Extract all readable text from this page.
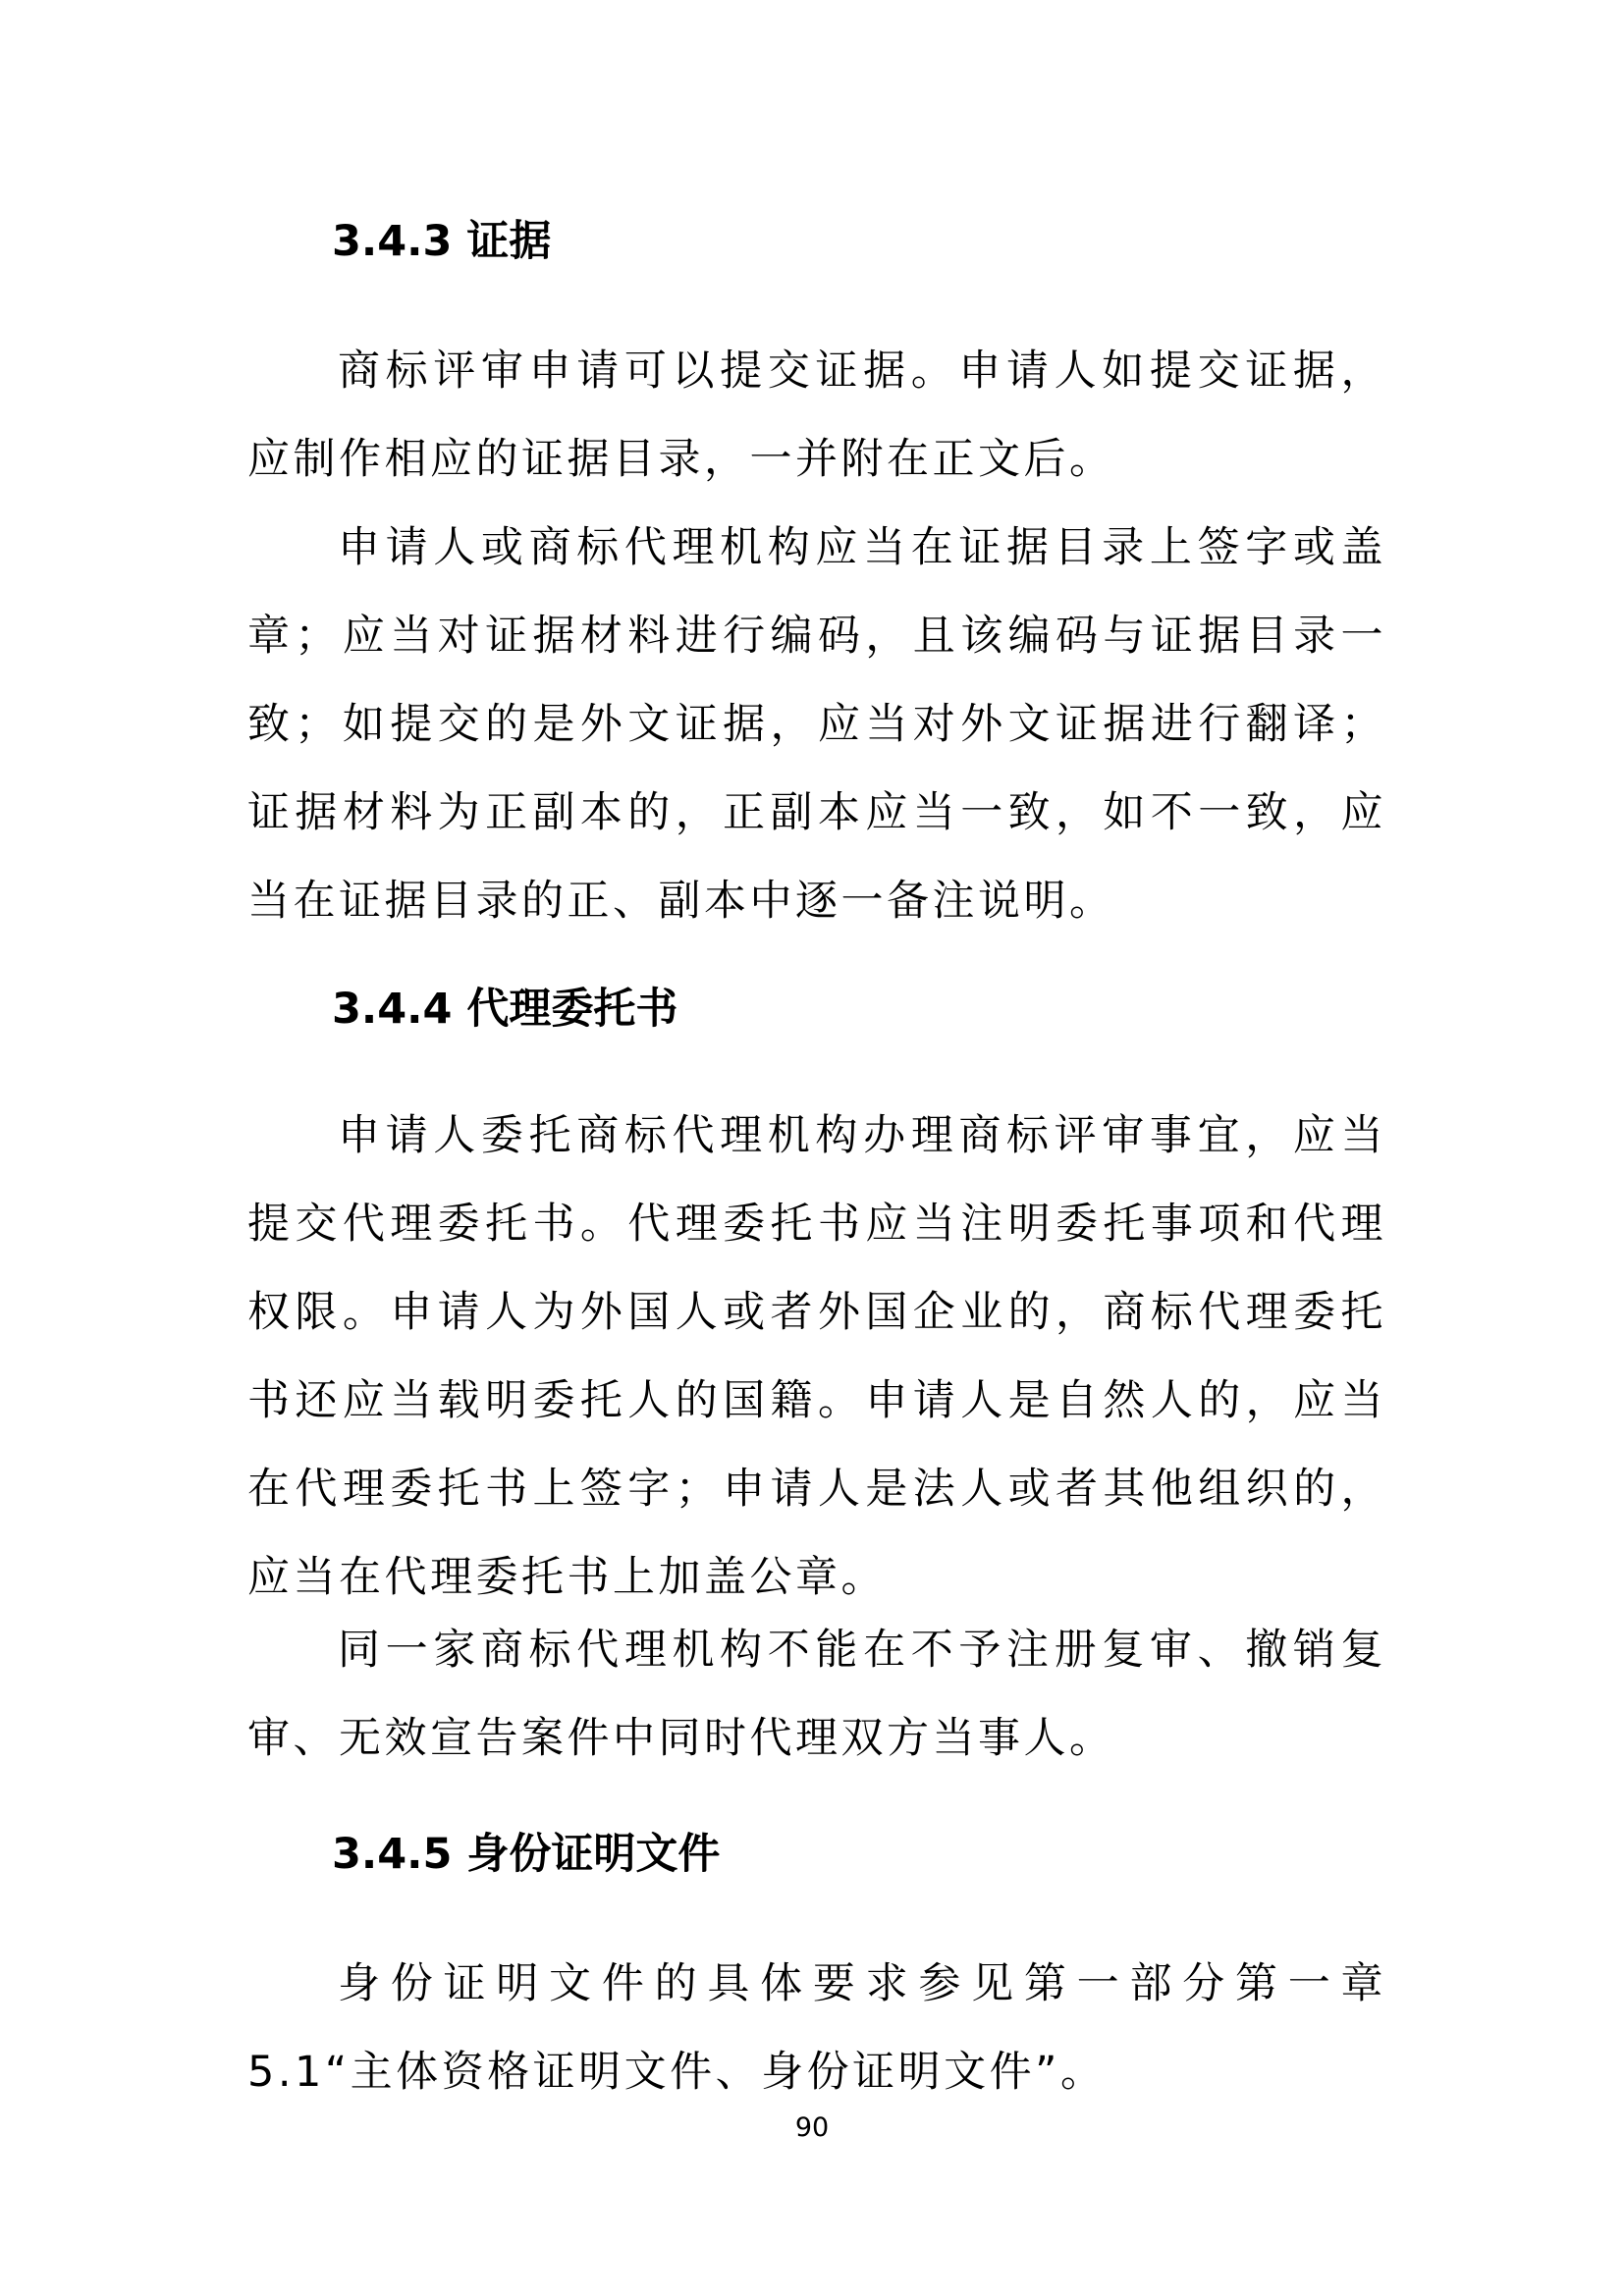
3.4.3 证据

商标评审申请可以提交证据。申请人如提交证据，应制作相应的证据目录，一并附在正文后。

申请人或商标代理机构应当在证据目录上签字或盖章；应当对证据材料进行编码，且该编码与证据目录一致；如提交的是外文证据，应当对外文证据进行翻译；证据材料为正副本的，正副本应当一致，如不一致，应当在证据目录的正、副本中逐一备注说明。

3.4.4 代理委托书

申请人委托商标代理机构办理商标评审事宜，应当提交代理委托书。代理委托书应当注明委托事项和代理权限。申请人为外国人或者外国企业的，商标代理委托书还应当载明委托人的国籍。申请人是自然人的，应当在代理委托书上签字；申请人是法人或者其他组织的，应当在代理委托书上加盖公章。

同一家商标代理机构不能在不予注册复审、撤销复审、无效宣告案件中同时代理双方当事人。

3.4.5 身份证明文件

身份证明文件的具体要求参见第一部分第一章5.1“主体资格证明文件、身份证明文件”。

90
